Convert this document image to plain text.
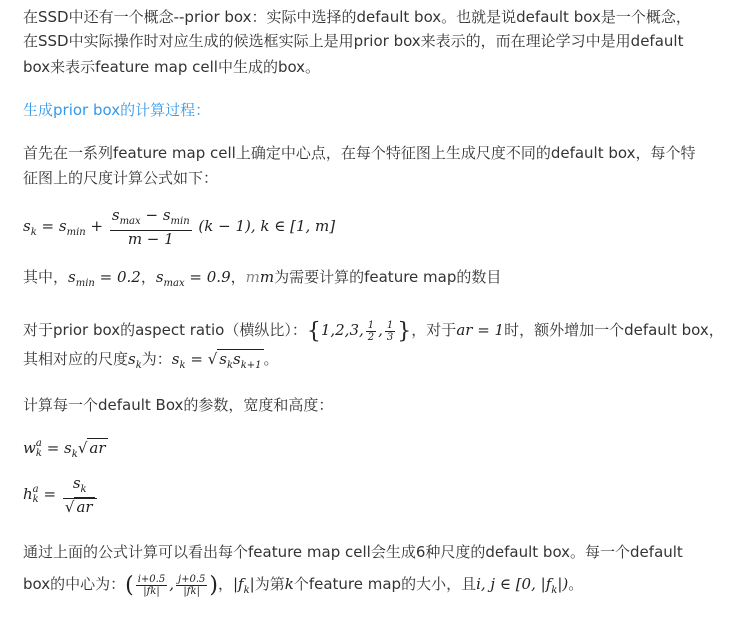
在SSD中还有一个概念--prior box：实际中选择的default box。也就是说default box是一个概念，
在SSD中实际操作时对应生成的候选框实际上是用prior box来表示的，而在理论学习中是用default
box来表示feature map cell中生成的box。
生成prior box的计算过程：
首先在一系列feature map cell上确定中心点，在每个特征图上生成尺度不同的default box，每个特
征图上的尺度计算公式如下：
$s_k = s_{min} + \frac{s_{max} - s_{min}}{m - 1} (k - 1)$, k ∈ [1, m]
其中，$s_{min} = 0.2$，$s_{max} = 0.9$，mm为需要计算的feature map的数目
对于prior box的aspect ratio（横纵比）：{1,2,3, $\frac{1}{2}$ , $\frac{1}{3}$ }，对于ar = 1时，额外增加一个default box，
其相对应的尺度$s_k$为：$s_k$ = √ $s_ks_{k+1}$ 。
计算每一个default Box的参数，宽度和高度：
w a
$k = s_k√$ ar
h a
$k = \frac{s_k}{√ ar}$
通过上面的公式计算可以看出每个feature map cell会生成6种尺度的default box。每一个default
box的中心为：( $\frac{i+0.5}{|fk|}$ , $\frac{j+0.5}{|fk|}$ )，$|f_k|$为第k个feature map的大小，且i, j ∈ [0, $|f_k|$)。
